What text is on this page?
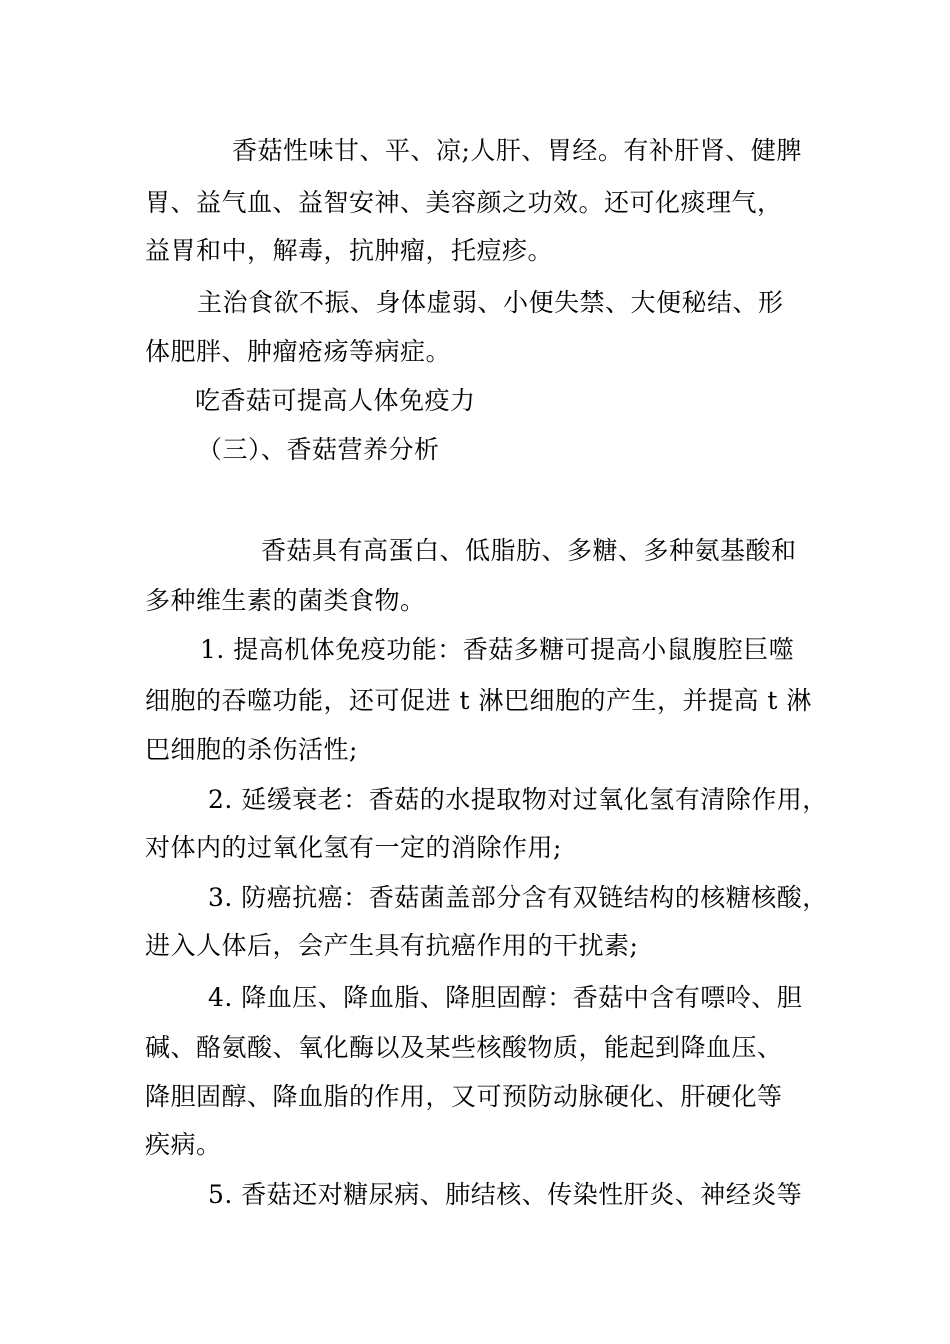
香菇性味甘、平、凉;人肝、胃经。有补肝肾、健脾
胃、益气血、益智安神、美容颜之功效。还可化痰理气，
益胃和中，解毒，抗肿瘤，托痘疹。
主治食欲不振、身体虚弱、小便失禁、大便秘结、形
体肥胖、肿瘤疮疡等病症。
吃香菇可提高人体免疫力
（三）、香菇营养分析
香菇具有高蛋白、低脂肪、多糖、多种氨基酸和
多种维生素的菌类食物。
1. 提高机体免疫功能：香菇多糖可提高小鼠腹腔巨噬
细胞的吞噬功能，还可促进 t 淋巴细胞的产生，并提高 t 淋
巴细胞的杀伤活性;
2. 延缓衰老：香菇的水提取物对过氧化氢有清除作用，
对体内的过氧化氢有一定的消除作用;
3. 防癌抗癌：香菇菌盖部分含有双链结构的核糖核酸，
进入人体后，会产生具有抗癌作用的干扰素;
4. 降血压、降血脂、降胆固醇：香菇中含有嘌呤、胆
碱、酪氨酸、氧化酶以及某些核酸物质，能起到降血压、
降胆固醇、降血脂的作用，又可预防动脉硬化、肝硬化等
疾病。
5. 香菇还对糖尿病、肺结核、传染性肝炎、神经炎等
